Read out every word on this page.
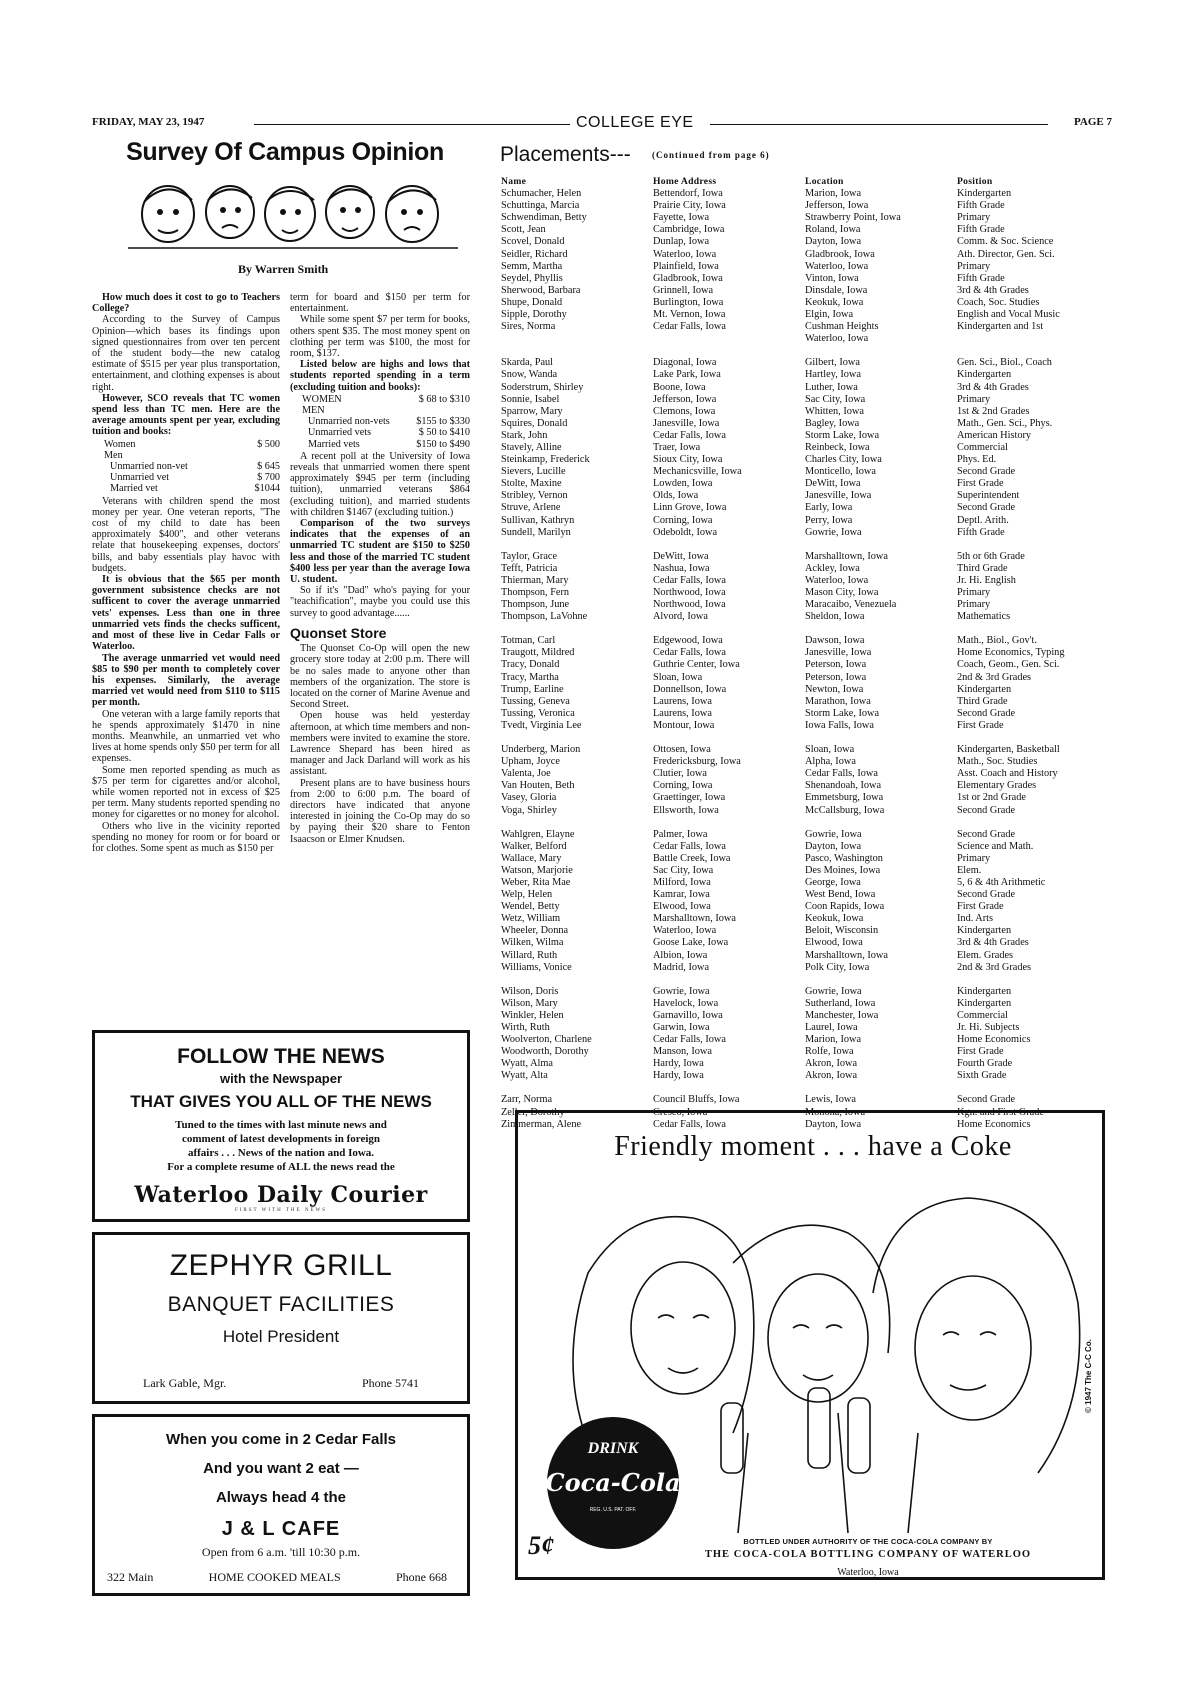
FRIDAY, MAY 23, 1947	COLLEGE EYE	PAGE 7
Survey Of Campus Opinion
By Warren Smith

How much does it cost to go to Teachers College?

According to the Survey of Campus Opinion—which bases its findings upon signed questionnaires from over ten percent of the student body—the new catalog estimate of $515 per year plus transportation, entertainment, and clothing expenses is about right.

However, SCO reveals that TC women spend less than TC men. Here are the average amounts spent per year, excluding tuition and books:

Women	$ 500
Men	
Unmarried non-vet	$ 645
Unmarried vet	$ 700
Married vet	$1044

Veterans with children spend the most money per year. One veteran reports, "The cost of my child to date has been approximately $400", and other veterans relate that housekeeping expenses, doctors' bills, and baby essentials play havoc with budgets.

It is obvious that the $65 per month government subsistence checks are not sufficent to cover the average unmarried vets' expenses. Less than one in three unmarried vets finds the checks sufficent, and most of these live in Cedar Falls or Waterloo.

The average unmarried vet would need $85 to $90 per month to completely cover his expenses. Similarly, the average married vet would need from $110 to $115 per month.

One veteran with a large family reports that he spends approximately $1470 in nine months. Meanwhile, an unmarried vet who lives at home spends only $50 per term for all expenses.

Some men reported spending as much as $75 per term for cigarettes and/or alcohol, while women reported not in excess of $25 per term. Many students reported spending no money for cigarettes or no money for alcohol.

Others who live in the vicinity reported spending no money for room or for board or for clothes. Some spent as much as $150 per

term for board and $150 per term for entertainment.

While some spent $7 per term for books, others spent $35. The most money spent on clothing per term was $100, the most for room, $137.

Listed below are highs and lows that students reported spending in a term (excluding tuition and books):

WOMEN	$ 68 to $310
MEN	
Unmarried non-vets	$155 to $330
Unmarried vets	$ 50 to $410
Married vets	$150 to $490

A recent poll at the University of Iowa reveals that unmarried women there spent approximately $945 per term (including tuition), unmarried veterans $864 (excluding tuition), and married students with children $1467 (excluding tuition.)

Comparison of the two surveys indicates that the expenses of an unmarried TC student are $150 to $250 less and those of the married TC student $400 less per year than the average Iowa U. student.

So if it's "Dad" who's paying for your "teachification", maybe you could use this survey to good advantage......

Quonset Store

The Quonset Co-Op will open the new grocery store today at 2:00 p.m. There will be no sales made to anyone other than members of the organization. The store is located on the corner of Marine Avenue and Second Street.

Open house was held yesterday afternoon, at which time members and non-members were invited to examine the store. Lawrence Shepard has been hired as manager and Jack Darland will work as his assistant.

Present plans are to have business hours from 2:00 to 6:00 p.m. The board of directors have indicated that anyone interested in joining the Co-Op may do so by paying their $20 share to Fenton Isaacson or Elmer Knudsen.

FOLLOW THE NEWS
with the Newspaper
THAT GIVES YOU ALL OF THE NEWS
Tuned to the times with last minute news and
comment of latest developments in foreign
affairs . . . News of the nation and Iowa.
For a complete resume of ALL the news read the
Waterloo Daily Courier
FIRST WITH THE NEWS
ZEPHYR GRILL
BANQUET FACILITIES
Hotel President
Lark Gable, Mgr.	Phone 5741
When you come in 2 Cedar Falls
And you want 2 eat —
Always head 4 the
J & L CAFE
Open from 6 a.m. 'till 10:30 p.m.
322 Main	HOME COOKED MEALS	Phone 668
Placements--- (Continued from page 6)
Name	Home Address	Location	Position
Schumacher, Helen	Bettendorf, Iowa	Marion, Iowa	Kindergarten
Schuttinga, Marcia	Prairie City, Iowa	Jefferson, Iowa	Fifth Grade
Schwendiman, Betty	Fayette, Iowa	Strawberry Point, Iowa	Primary
Scott, Jean	Cambridge, Iowa	Roland, Iowa	Fifth Grade
Scovel, Donald	Dunlap, Iowa	Dayton, Iowa	Comm. & Soc. Science
Seidler, Richard	Waterloo, Iowa	Gladbrook, Iowa	Ath. Director, Gen. Sci.
Semm, Martha	Plainfield, Iowa	Waterloo, Iowa	Primary
Seydel, Phyllis	Gladbrook, Iowa	Vinton, Iowa	Fifth Grade
Sherwood, Barbara	Grinnell, Iowa	Dinsdale, Iowa	3rd & 4th Grades
Shupe, Donald	Burlington, Iowa	Keokuk, Iowa	Coach, Soc. Studies
Sipple, Dorothy	Mt. Vernon, Iowa	Elgin, Iowa	English and Vocal Music
Sires, Norma	Cedar Falls, Iowa	Cushman Heights	Kindergarten and 1st
Waterloo, Iowa
Skarda, Paul	Diagonal, Iowa	Gilbert, Iowa	Gen. Sci., Biol., Coach
Snow, Wanda	Lake Park, Iowa	Hartley, Iowa	Kindergarten
Soderstrum, Shirley	Boone, Iowa	Luther, Iowa	3rd & 4th Grades
Sonnie, Isabel	Jefferson, Iowa	Sac City, Iowa	Primary
Sparrow, Mary	Clemons, Iowa	Whitten, Iowa	1st & 2nd Grades
Squires, Donald	Janesville, Iowa	Bagley, Iowa	Math., Gen. Sci., Phys.
Stark, John	Cedar Falls, Iowa	Storm Lake, Iowa	American History
Stavely, Alline	Traer, Iowa	Reinbeck, Iowa	Commercial
Steinkamp, Frederick	Sioux City, Iowa	Charles City, Iowa	Phys. Ed.
Sievers, Lucille	Mechanicsville, Iowa	Monticello, Iowa	Second Grade
Stolte, Maxine	Lowden, Iowa	DeWitt, Iowa	First Grade
Stribley, Vernon	Olds, Iowa	Janesville, Iowa	Superintendent
Struve, Arlene	Linn Grove, Iowa	Early, Iowa	Second Grade
Sullivan, Kathryn	Corning, Iowa	Perry, Iowa	Deptl. Arith.
Sundell, Marilyn	Odeboldt, Iowa	Gowrie, Iowa	Fifth Grade
Taylor, Grace	DeWitt, Iowa	Marshalltown, Iowa	5th or 6th Grade
Tefft, Patricia	Nashua, Iowa	Ackley, Iowa	Third Grade
Thierman, Mary	Cedar Falls, Iowa	Waterloo, Iowa	Jr. Hi. English
Thompson, Fern	Northwood, Iowa	Mason City, Iowa	Primary
Thompson, June	Northwood, Iowa	Maracaibo, Venezuela	Primary
Thompson, LaVohne	Alvord, Iowa	Sheldon, Iowa	Mathematics
Totman, Carl	Edgewood, Iowa	Dawson, Iowa	Math., Biol., Gov't.
Traugott, Mildred	Cedar Falls, Iowa	Janesville, Iowa	Home Economics, Typing
Tracy, Donald	Guthrie Center, Iowa	Peterson, Iowa	Coach, Geom., Gen. Sci.
Tracy, Martha	Sloan, Iowa	Peterson, Iowa	2nd & 3rd Grades
Trump, Earline	Donnellson, Iowa	Newton, Iowa	Kindergarten
Tussing, Geneva	Laurens, Iowa	Marathon, Iowa	Third Grade
Tussing, Veronica	Laurens, Iowa	Storm Lake, Iowa	Second Grade
Tvedt, Virginia Lee	Montour, Iowa	Iowa Falls, Iowa	First Grade
Underberg, Marion	Ottosen, Iowa	Sloan, Iowa	Kindergarten, Basketball
Upham, Joyce	Fredericksburg, Iowa	Alpha, Iowa	Math., Soc. Studies
Valenta, Joe	Clutier, Iowa	Cedar Falls, Iowa	Asst. Coach and History
Van Houten, Beth	Corning, Iowa	Shenandoah, Iowa	Elementary Grades
Vasey, Gloria	Graettinger, Iowa	Emmetsburg, Iowa	1st or 2nd Grade
Voga, Shirley	Ellsworth, Iowa	McCallsburg, Iowa	Second Grade
Wahlgren, Elayne	Palmer, Iowa	Gowrie, Iowa	Second Grade
Walker, Belford	Cedar Falls, Iowa	Dayton, Iowa	Science and Math.
Wallace, Mary	Battle Creek, Iowa	Pasco, Washington	Primary
Watson, Marjorie	Sac City, Iowa	Des Moines, Iowa	Elem.
Weber, Rita Mae	Milford, Iowa	George, Iowa	5, 6 & 4th Arithmetic
Welp, Helen	Kamrar, Iowa	West Bend, Iowa	Second Grade
Wendel, Betty	Elwood, Iowa	Coon Rapids, Iowa	First Grade
Wetz, William	Marshalltown, Iowa	Keokuk, Iowa	Ind. Arts
Wheeler, Donna	Waterloo, Iowa	Beloit, Wisconsin	Kindergarten
Wilken, Wilma	Goose Lake, Iowa	Elwood, Iowa	3rd & 4th Grades
Willard, Ruth	Albion, Iowa	Marshalltown, Iowa	Elem. Grades
Williams, Vonice	Madrid, Iowa	Polk City, Iowa	2nd & 3rd Grades
Wilson, Doris	Gowrie, Iowa	Gowrie, Iowa	Kindergarten
Wilson, Mary	Havelock, Iowa	Sutherland, Iowa	Kindergarten
Winkler, Helen	Garnavillo, Iowa	Manchester, Iowa	Commercial
Wirth, Ruth	Garwin, Iowa	Laurel, Iowa	Jr. Hi. Subjects
Woolverton, Charlene	Cedar Falls, Iowa	Marion, Iowa	Home Economics
Woodworth, Dorothy	Manson, Iowa	Rolfe, Iowa	First Grade
Wyatt, Alma	Hardy, Iowa	Akron, Iowa	Fourth Grade
Wyatt, Alta	Hardy, Iowa	Akron, Iowa	Sixth Grade
Zarr, Norma	Council Bluffs, Iowa	Lewis, Iowa	Second Grade
Zeller, Dorothy	Cresco, Iowa	Monona, Iowa	Kgn. and First Grade
Zimmerman, Alene	Cedar Falls, Iowa	Dayton, Iowa	Home Economics
Friendly moment . . . have a Coke
DRINK
Coca-Cola
REG. U.S. PAT. OFF.
© 1947 The C-C Co.
5¢	BOTTLED UNDER AUTHORITY OF THE COCA-COLA COMPANY BY
THE COCA-COLA BOTTLING COMPANY OF WATERLOO
Waterloo, Iowa
